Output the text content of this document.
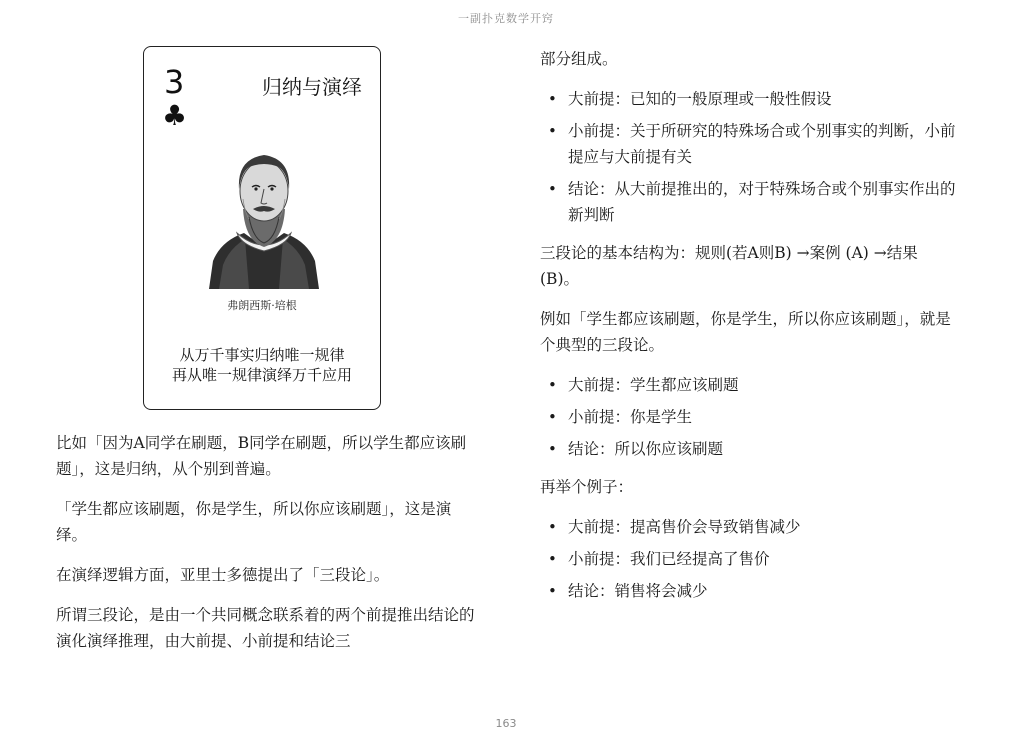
一副扑克数学开窍
3
♣
归纳与演绎
弗朗西斯·培根
从万千事实归纳唯一规律
再从唯一规律演绎万千应用

比如「因为A同学在刷题，B同学在刷题，所以学生都应该刷题」，这是归纳，从个别到普遍。

「学生都应该刷题，你是学生，所以你应该刷题」，这是演绎。

在演绎逻辑方面，亚里士多德提出了「三段论」。

所谓三段论，是由一个共同概念联系着的两个前提推出结论的演化演绎推理，由大前提、小前提和结论三

部分组成。

• 大前提：已知的一般原理或一般性假设
• 小前提：关于所研究的特殊场合或个别事实的判断，小前提应与大前提有关
• 结论：从大前提推出的，对于特殊场合或个别事实作出的新判断

三段论的基本结构为：规则(若A则B) →案例 (A) →结果 (B)。

例如「学生都应该刷题，你是学生，所以你应该刷题」，就是个典型的三段论。

• 大前提：学生都应该刷题
• 小前提：你是学生
• 结论：所以你应该刷题

再举个例子：

• 大前提：提高售价会导致销售减少
• 小前提：我们已经提高了售价
• 结论：销售将会减少
163
